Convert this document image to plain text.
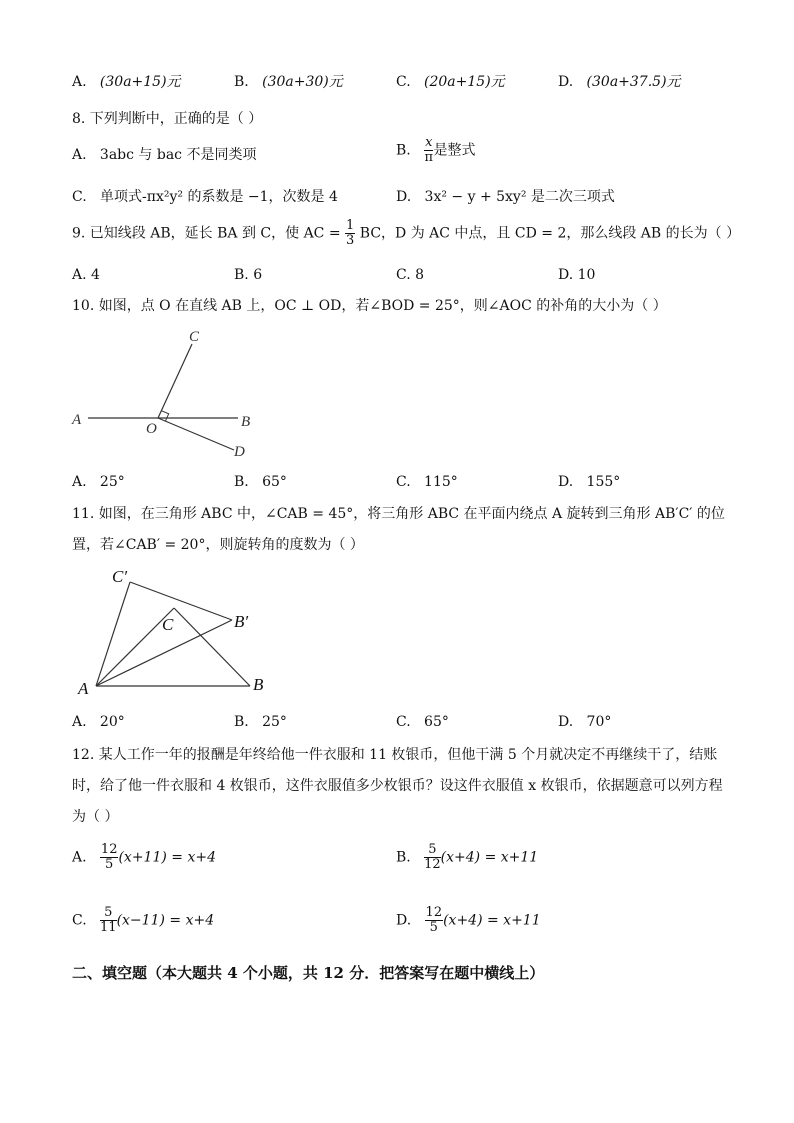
A. (30a+15)元	B. (30a+30)元	C. (20a+15)元	D. (30a+37.5)元
8. 下列判断中，正确的是（ ）
A. 3abc 与 bac 不是同类项	B. $\frac{x}{\pi}$ 是整式
C. 单项式-πx²y² 的系数是 −1，次数是 4	D. 3x² − y + 5xy² 是二次三项式
9. 已知线段 AB，延长 BA 到 C，使 AC = $\frac{1}{3}$ BC，D 为 AC 中点，且 CD = 2，那么线段 AB 的长为（ ）
A. 4	B. 6	C. 8	D. 10
10. 如图，点 O 在直线 AB 上，OC ⊥ OD，若∠BOD = 25°，则∠AOC 的补角的大小为（ ）
A	B
C
D
O
A. 25°	B. 65°	C. 115°	D. 155°
11. 如图，在三角形 ABC 中，∠CAB = 45°，将三角形 ABC 在平面内绕点 A 旋转到三角形 AB′C′ 的位
置，若∠CAB′ = 20°，则旋转角的度数为（ ）
A	B
C	B′
C′
A. 20°	B. 25°	C. 65°	D. 70°
12. 某人工作一年的报酬是年终给他一件衣服和 11 枚银币，但他干满 5 个月就决定不再继续干了，结账
时，给了他一件衣服和 4 枚银币，这件衣服值多少枚银币？设这件衣服值 x 枚银币，依据题意可以列方程
为（ ）
A. $\frac{12}{5} (x+11) = x+4$	B. $\frac{5}{12} (x+4) = x+11$
C. $\frac{5}{11} (x-11) = x+4$	D. $\frac{12}{5} (x+4) = x+11$
二、填空题（本大题共 4 个小题，共 12 分．把答案写在题中横线上）
